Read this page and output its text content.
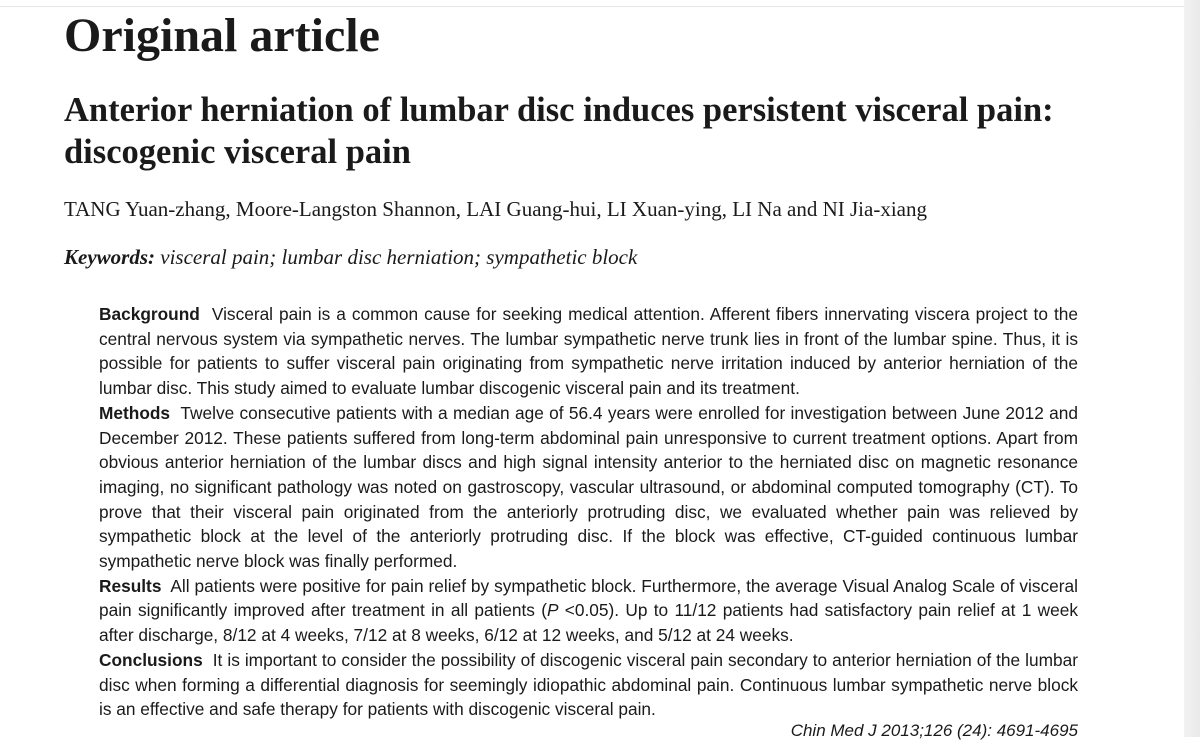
Original article
Anterior herniation of lumbar disc induces persistent visceral pain: discogenic visceral pain
TANG Yuan-zhang, Moore-Langston Shannon, LAI Guang-hui, LI Xuan-ying, LI Na and NI Jia-xiang
Keywords: visceral pain; lumbar disc herniation; sympathetic block

Background Visceral pain is a common cause for seeking medical attention. Afferent fibers innervating viscera project to the central nervous system via sympathetic nerves. The lumbar sympathetic nerve trunk lies in front of the lumbar spine. Thus, it is possible for patients to suffer visceral pain originating from sympathetic nerve irritation induced by anterior herniation of the lumbar disc. This study aimed to evaluate lumbar discogenic visceral pain and its treatment.

Methods Twelve consecutive patients with a median age of 56.4 years were enrolled for investigation between June 2012 and December 2012. These patients suffered from long-term abdominal pain unresponsive to current treatment options. Apart from obvious anterior herniation of the lumbar discs and high signal intensity anterior to the herniated disc on magnetic resonance imaging, no significant pathology was noted on gastroscopy, vascular ultrasound, or abdominal computed tomography (CT). To prove that their visceral pain originated from the anteriorly protruding disc, we evaluated whether pain was relieved by sympathetic block at the level of the anteriorly protruding disc. If the block was effective, CT-guided continuous lumbar sympathetic nerve block was finally performed.

Results All patients were positive for pain relief by sympathetic block. Furthermore, the average Visual Analog Scale of visceral pain significantly improved after treatment in all patients (P <0.05). Up to 11/12 patients had satisfactory pain relief at 1 week after discharge, 8/12 at 4 weeks, 7/12 at 8 weeks, 6/12 at 12 weeks, and 5/12 at 24 weeks.

Conclusions It is important to consider the possibility of discogenic visceral pain secondary to anterior herniation of the lumbar disc when forming a differential diagnosis for seemingly idiopathic abdominal pain. Continuous lumbar sympathetic nerve block is an effective and safe therapy for patients with discogenic visceral pain.

Chin Med J 2013;126 (24): 4691-4695
